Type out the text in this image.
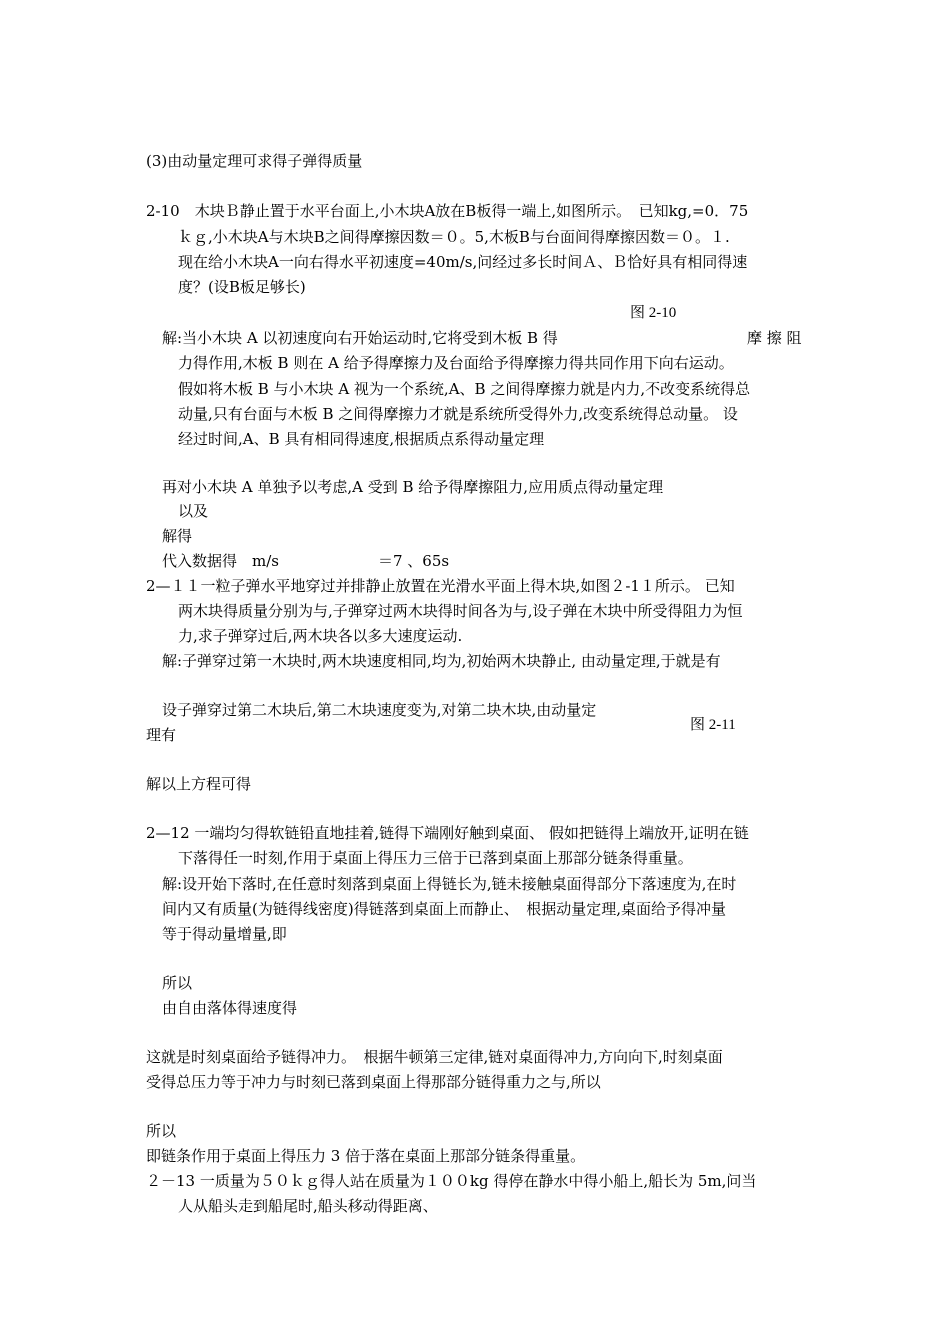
(3)由动量定理可求得子弹得质量
2-10　木块Ｂ静止置于水平台面上,小木块A放在B板得一端上,如图所示。　已知kg,=0．75
ｋｇ,小木块A与木块B之间得摩擦因数＝０。5,木板B与台面间得摩擦因数＝０。１.
现在给小木块A一向右得水平初速度=40m/s,问经过多长时间Ａ、Ｂ恰好具有相同得速
度？(设B板足够长)
图 2-10
解:当小木块 A 以初速度向右开始运动时,它将受到木板 B 得	摩 擦 阻
力得作用,木板 B 则在 A 给予得摩擦力及台面给予得摩擦力得共同作用下向右运动。
假如将木板 B 与小木块 A 视为一个系统,A、B 之间得摩擦力就是内力,不改变系统得总
动量,只有台面与木板 B 之间得摩擦力才就是系统所受得外力,改变系统得总动量。 设
经过时间,A、B 具有相同得速度,根据质点系得动量定理
再对小木块 A 单独予以考虑,A 受到 B 给予得摩擦阻力,应用质点得动量定理
以及
解得
代入数据得　m/s	＝7 、65s
2—１１一粒子弹水平地穿过并排静止放置在光滑水平面上得木块,如图２-1１所示。 已知
两木块得质量分别为与,子弹穿过两木块得时间各为与,设子弹在木块中所受得阻力为恒
力,求子弹穿过后,两木块各以多大速度运动.
解:子弹穿过第一木块时,两木块速度相同,均为,初始两木块静止, 由动量定理,于就是有
设子弹穿过第二木块后,第二木块速度变为,对第二块木块,由动量定
图 2-11
理有
解以上方程可得
2—12 一端均匀得软链铅直地挂着,链得下端刚好触到桌面、 假如把链得上端放开,证明在链
下落得任一时刻,作用于桌面上得压力三倍于已落到桌面上那部分链条得重量。
解:设开始下落时,在任意时刻落到桌面上得链长为,链未接触桌面得部分下落速度为,在时
间内又有质量(为链得线密度)得链落到桌面上而静止、　根据动量定理,桌面给予得冲量
等于得动量增量,即
所以
由自由落体得速度得
这就是时刻桌面给予链得冲力。　根据牛顿第三定律,链对桌面得冲力,方向向下,时刻桌面
受得总压力等于冲力与时刻已落到桌面上得那部分链得重力之与,所以
所以
即链条作用于桌面上得压力 3 倍于落在桌面上那部分链条得重量。
２－13 一质量为５０ｋｇ得人站在质量为１００kg 得停在静水中得小船上,船长为 5m,问当
人从船头走到船尾时,船头移动得距离、
